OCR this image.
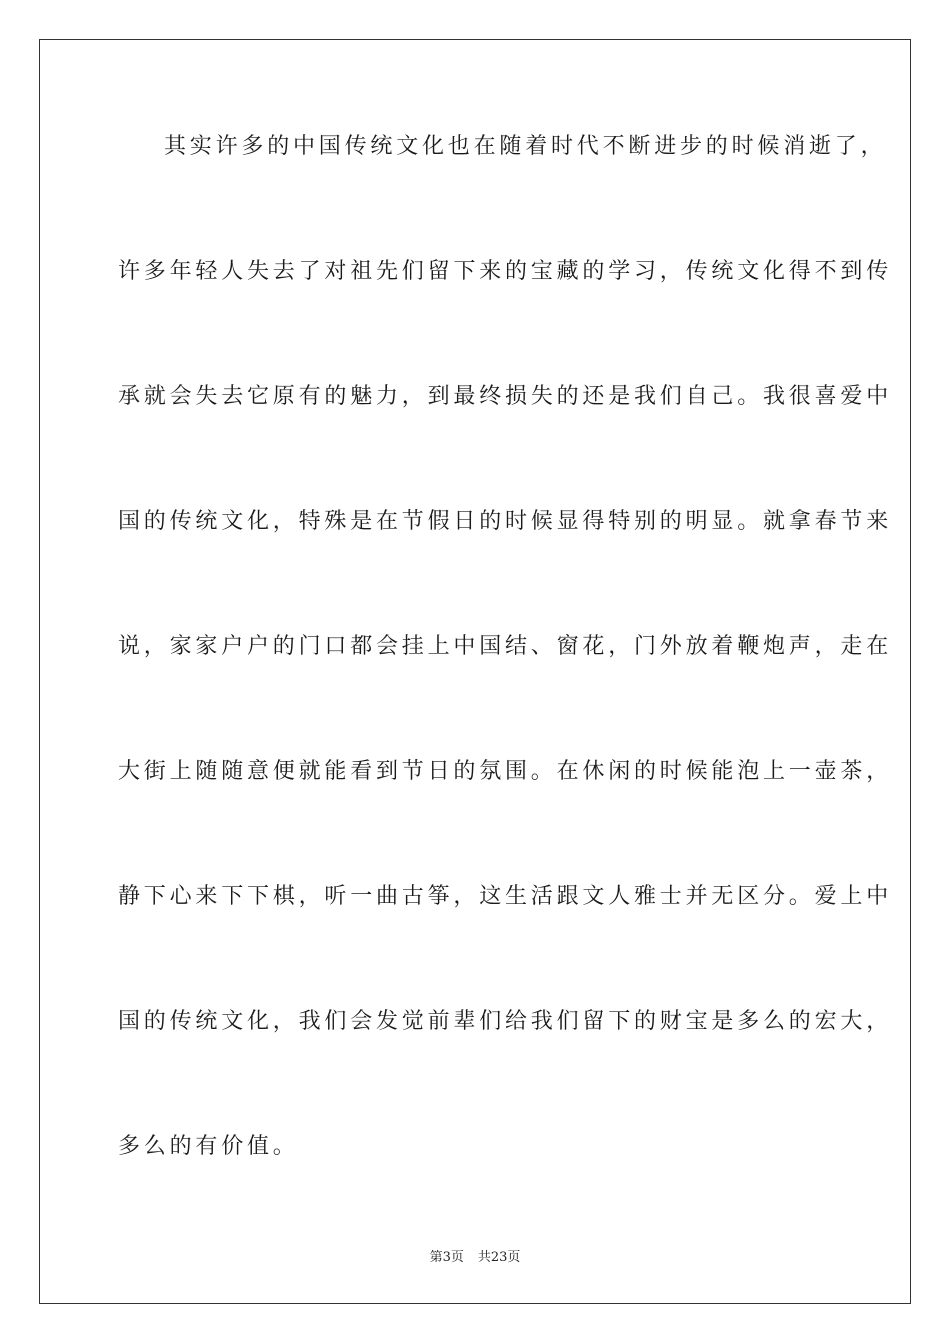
其实许多的中国传统文化也在随着时代不断进步的时候消逝了，
许多年轻人失去了对祖先们留下来的宝藏的学习，传统文化得不到传
承就会失去它原有的魅力，到最终损失的还是我们自己。我很喜爱中
国的传统文化，特殊是在节假日的时候显得特别的明显。就拿春节来
说，家家户户的门口都会挂上中国结、窗花，门外放着鞭炮声，走在
大街上随随意便就能看到节日的氛围。在休闲的时候能泡上一壶茶，
静下心来下下棋，听一曲古筝，这生活跟文人雅士并无区分。爱上中
国的传统文化，我们会发觉前辈们给我们留下的财宝是多么的宏大，
多么的有价值。
第3页 共23页
